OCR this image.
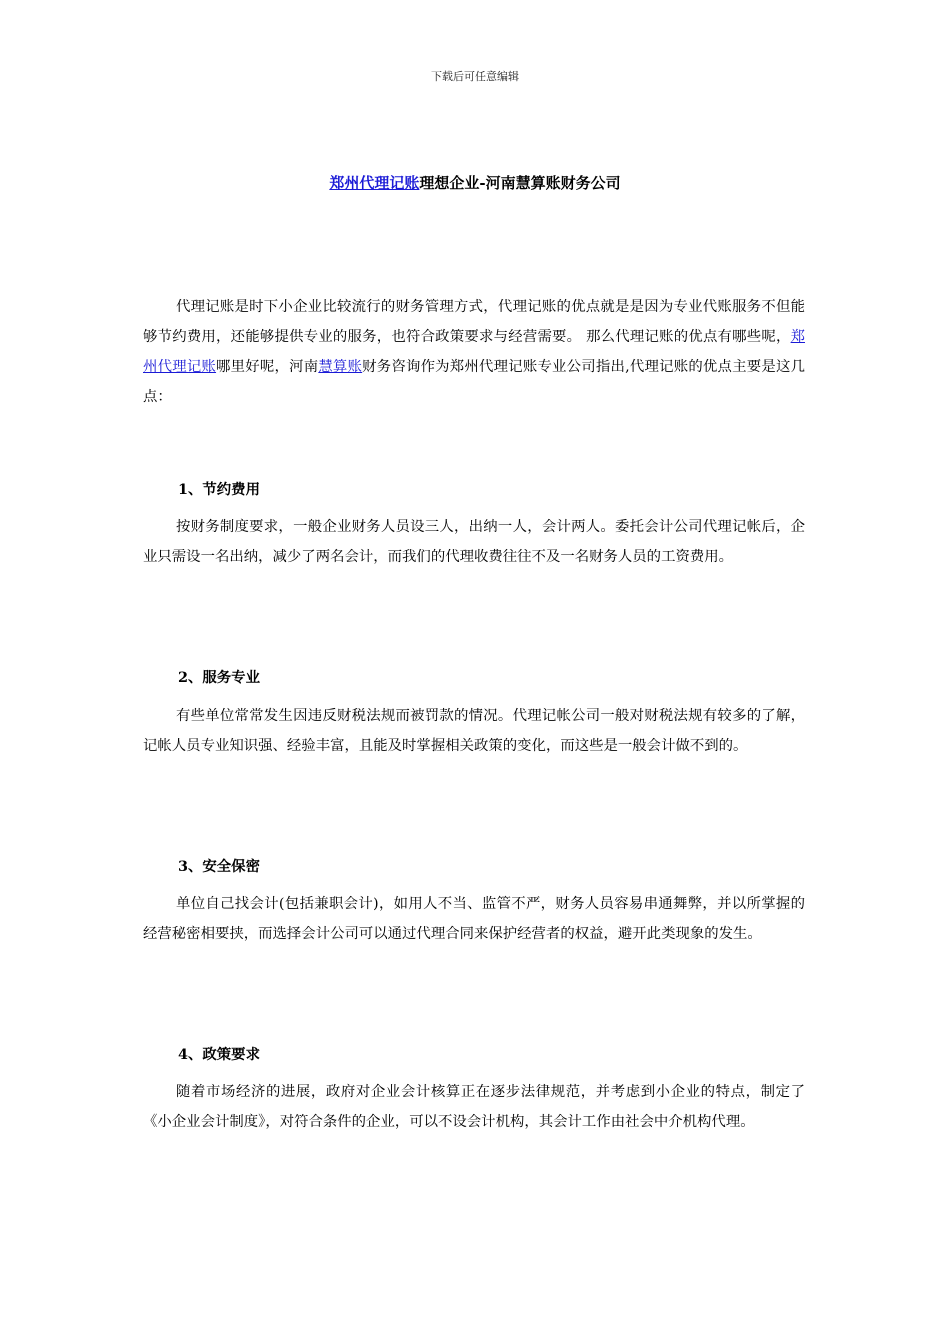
下载后可任意编辑
郑州代理记账理想企业-河南慧算账财务公司

代理记账是时下小企业比较流行的财务管理方式，代理记账的优点就是是因为专业代账服务不但能够节约费用，还能够提供专业的服务，也符合政策要求与经营需要。 那么代理记账的优点有哪些呢，郑州代理记账哪里好呢，河南慧算账财务咨询作为郑州代理记账专业公司指出,代理记账的优点主要是这几点：

1、节约费用

按财务制度要求，一般企业财务人员设三人，出纳一人，会计两人。委托会计公司代理记帐后，企业只需设一名出纳，减少了两名会计，而我们的代理收费往往不及一名财务人员的工资费用。

2、服务专业

有些单位常常发生因违反财税法规而被罚款的情况。代理记帐公司一般对财税法规有较多的了解，记帐人员专业知识强、经验丰富，且能及时掌握相关政策的变化，而这些是一般会计做不到的。

3、安全保密

单位自己找会计(包括兼职会计)，如用人不当、监管不严，财务人员容易串通舞弊，并以所掌握的经营秘密相要挟，而选择会计公司可以通过代理合同来保护经营者的权益，避开此类现象的发生。

4、政策要求

随着市场经济的进展，政府对企业会计核算正在逐步法律规范，并考虑到小企业的特点，制定了《小企业会计制度》，对符合条件的企业，可以不设会计机构，其会计工作由社会中介机构代理。
